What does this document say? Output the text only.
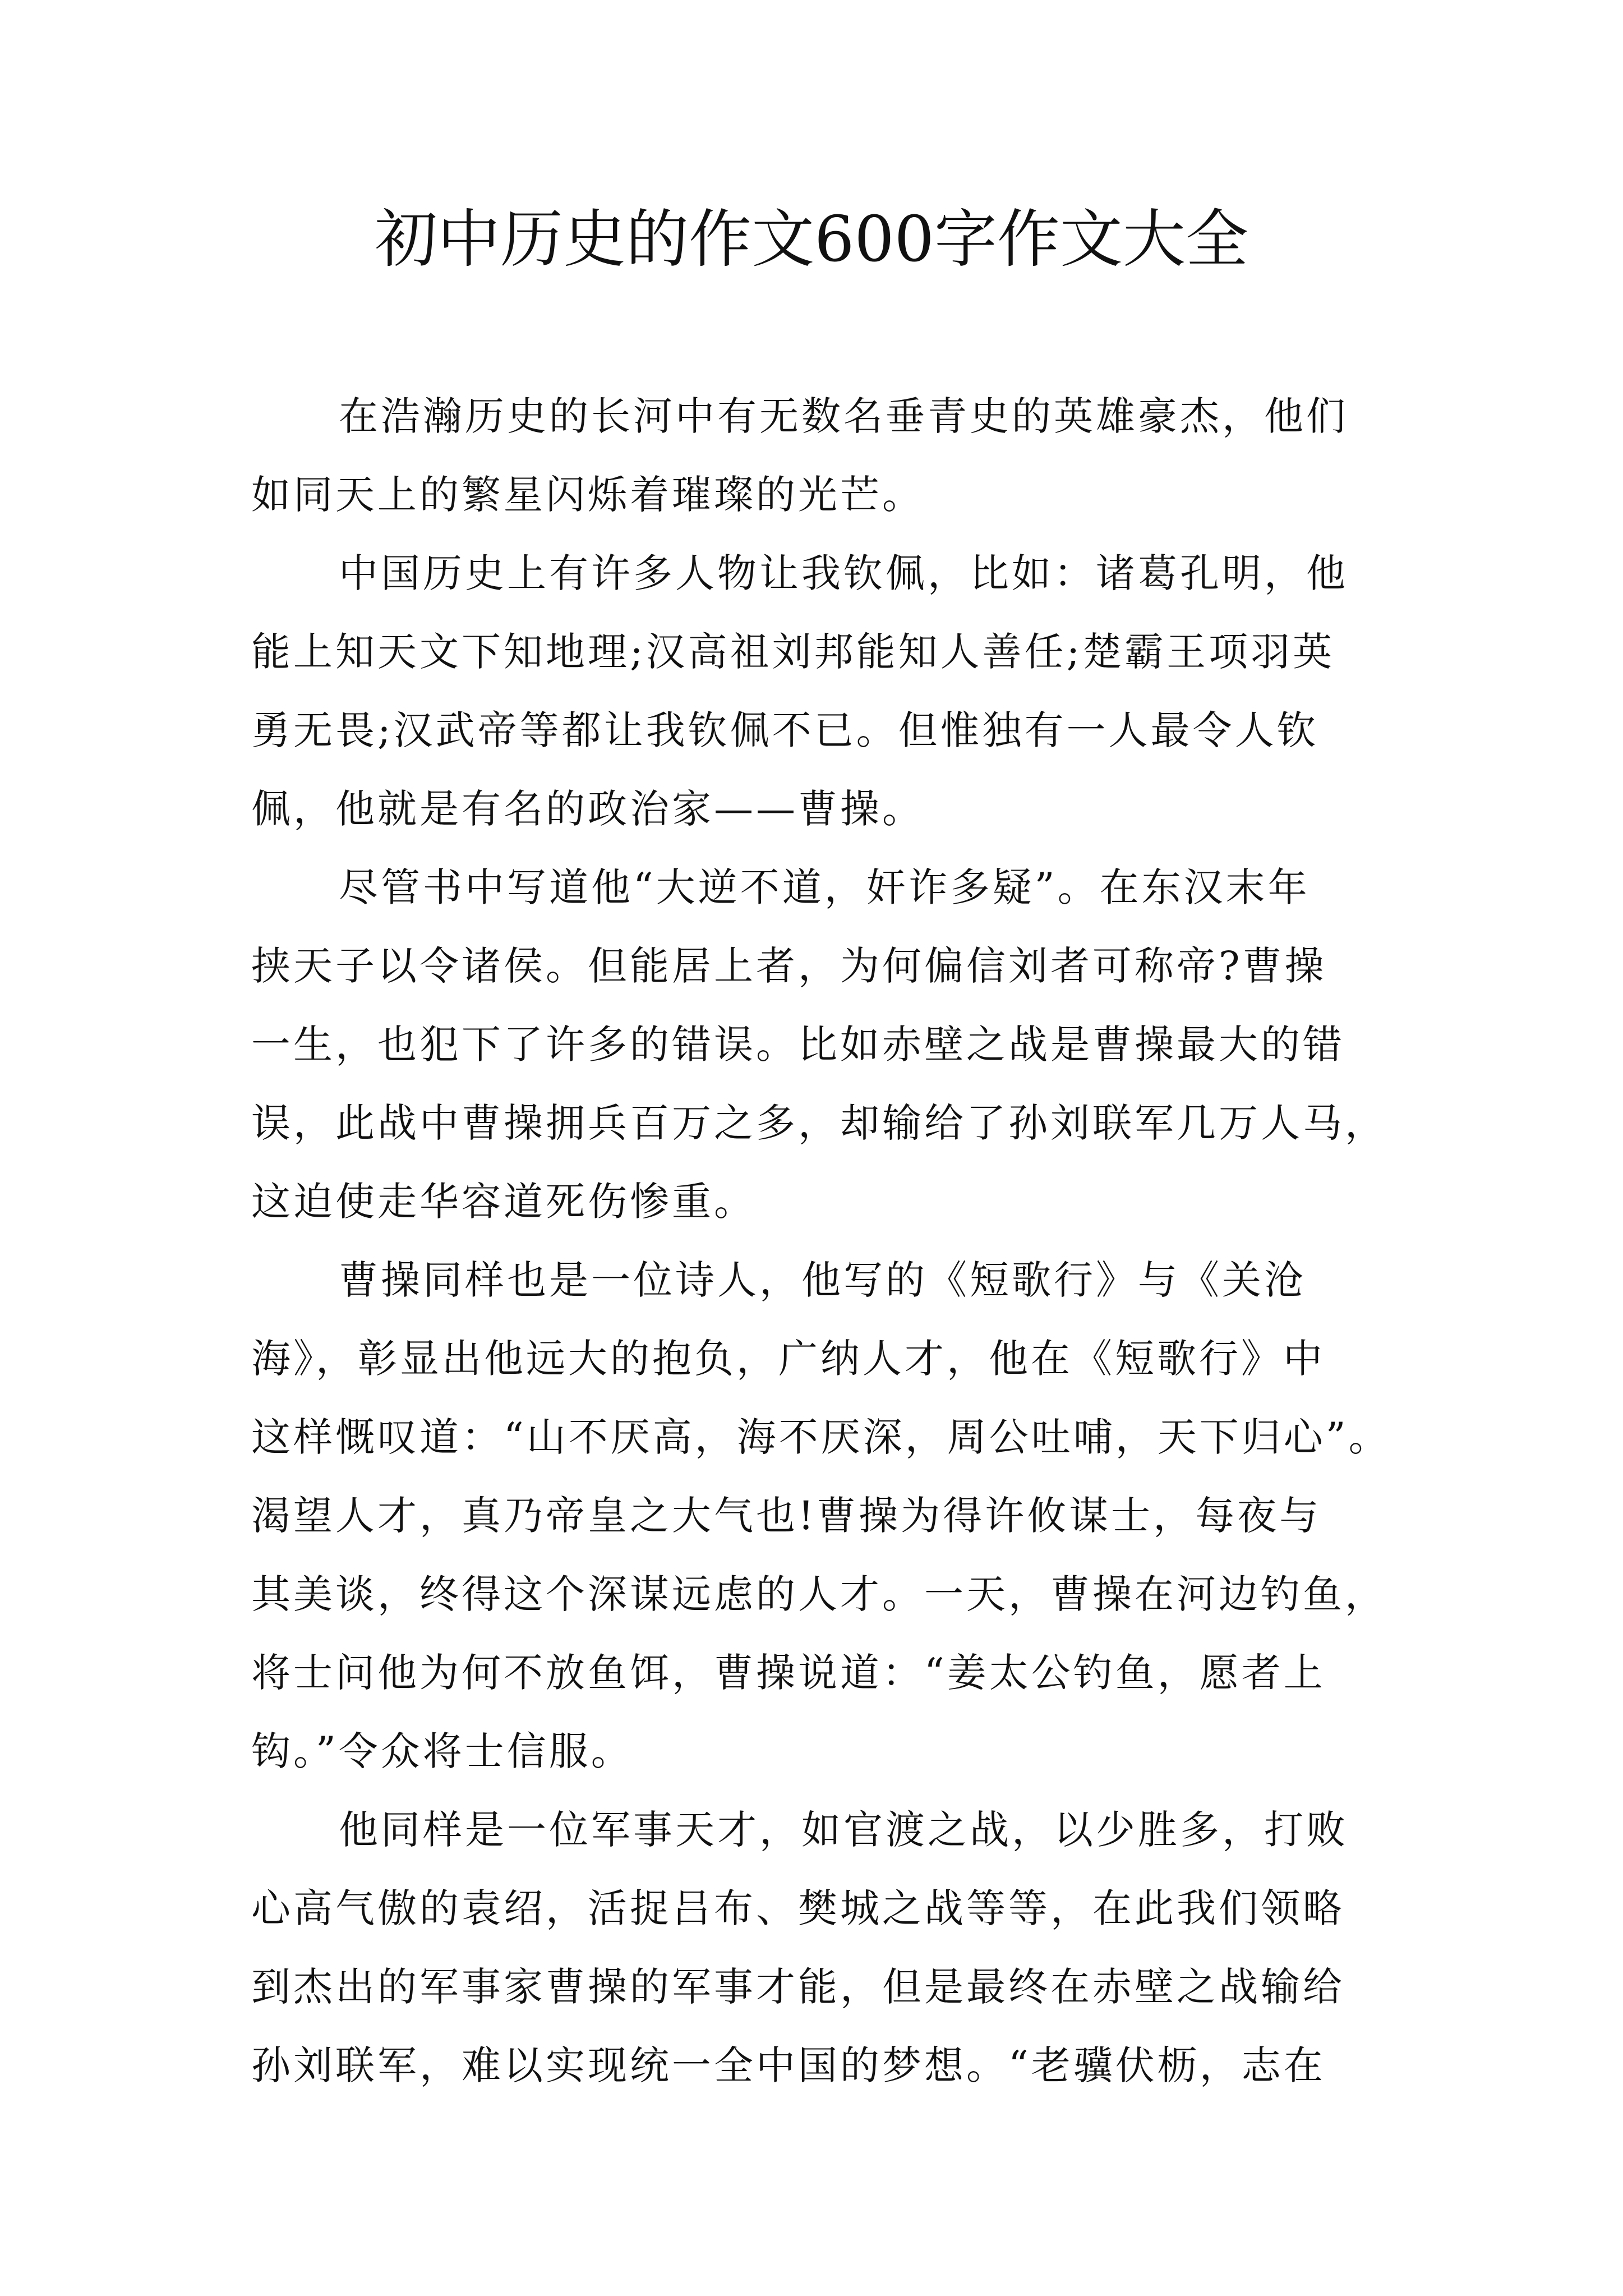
初中历史的作文600字作文大全
在浩瀚历史的长河中有无数名垂青史的英雄豪杰，他们
如同天上的繁星闪烁着璀璨的光芒。
中国历史上有许多人物让我钦佩，比如：诸葛孔明，他
能上知天文下知地理;汉高祖刘邦能知人善任;楚霸王项羽英
勇无畏;汉武帝等都让我钦佩不已。但惟独有一人最令人钦
佩，他就是有名的政治家——曹操。
尽管书中写道他“大逆不道，奸诈多疑”。在东汉末年
挟天子以令诸侯。但能居上者，为何偏信刘者可称帝?曹操
一生，也犯下了许多的错误。比如赤壁之战是曹操最大的错
误，此战中曹操拥兵百万之多，却输给了孙刘联军几万人马，
这迫使走华容道死伤惨重。
曹操同样也是一位诗人，他写的《短歌行》与《关沧
海》，彰显出他远大的抱负，广纳人才，他在《短歌行》中
这样慨叹道：“山不厌高，海不厌深，周公吐哺，天下归心”。
渴望人才，真乃帝皇之大气也!曹操为得许攸谋士，每夜与
其美谈，终得这个深谋远虑的人才。一天，曹操在河边钓鱼，
将士问他为何不放鱼饵，曹操说道：“姜太公钓鱼，愿者上
钩。”令众将士信服。
他同样是一位军事天才，如官渡之战，以少胜多，打败
心高气傲的袁绍，活捉吕布、樊城之战等等，在此我们领略
到杰出的军事家曹操的军事才能，但是最终在赤壁之战输给
孙刘联军，难以实现统一全中国的梦想。“老骥伏枥，志在
